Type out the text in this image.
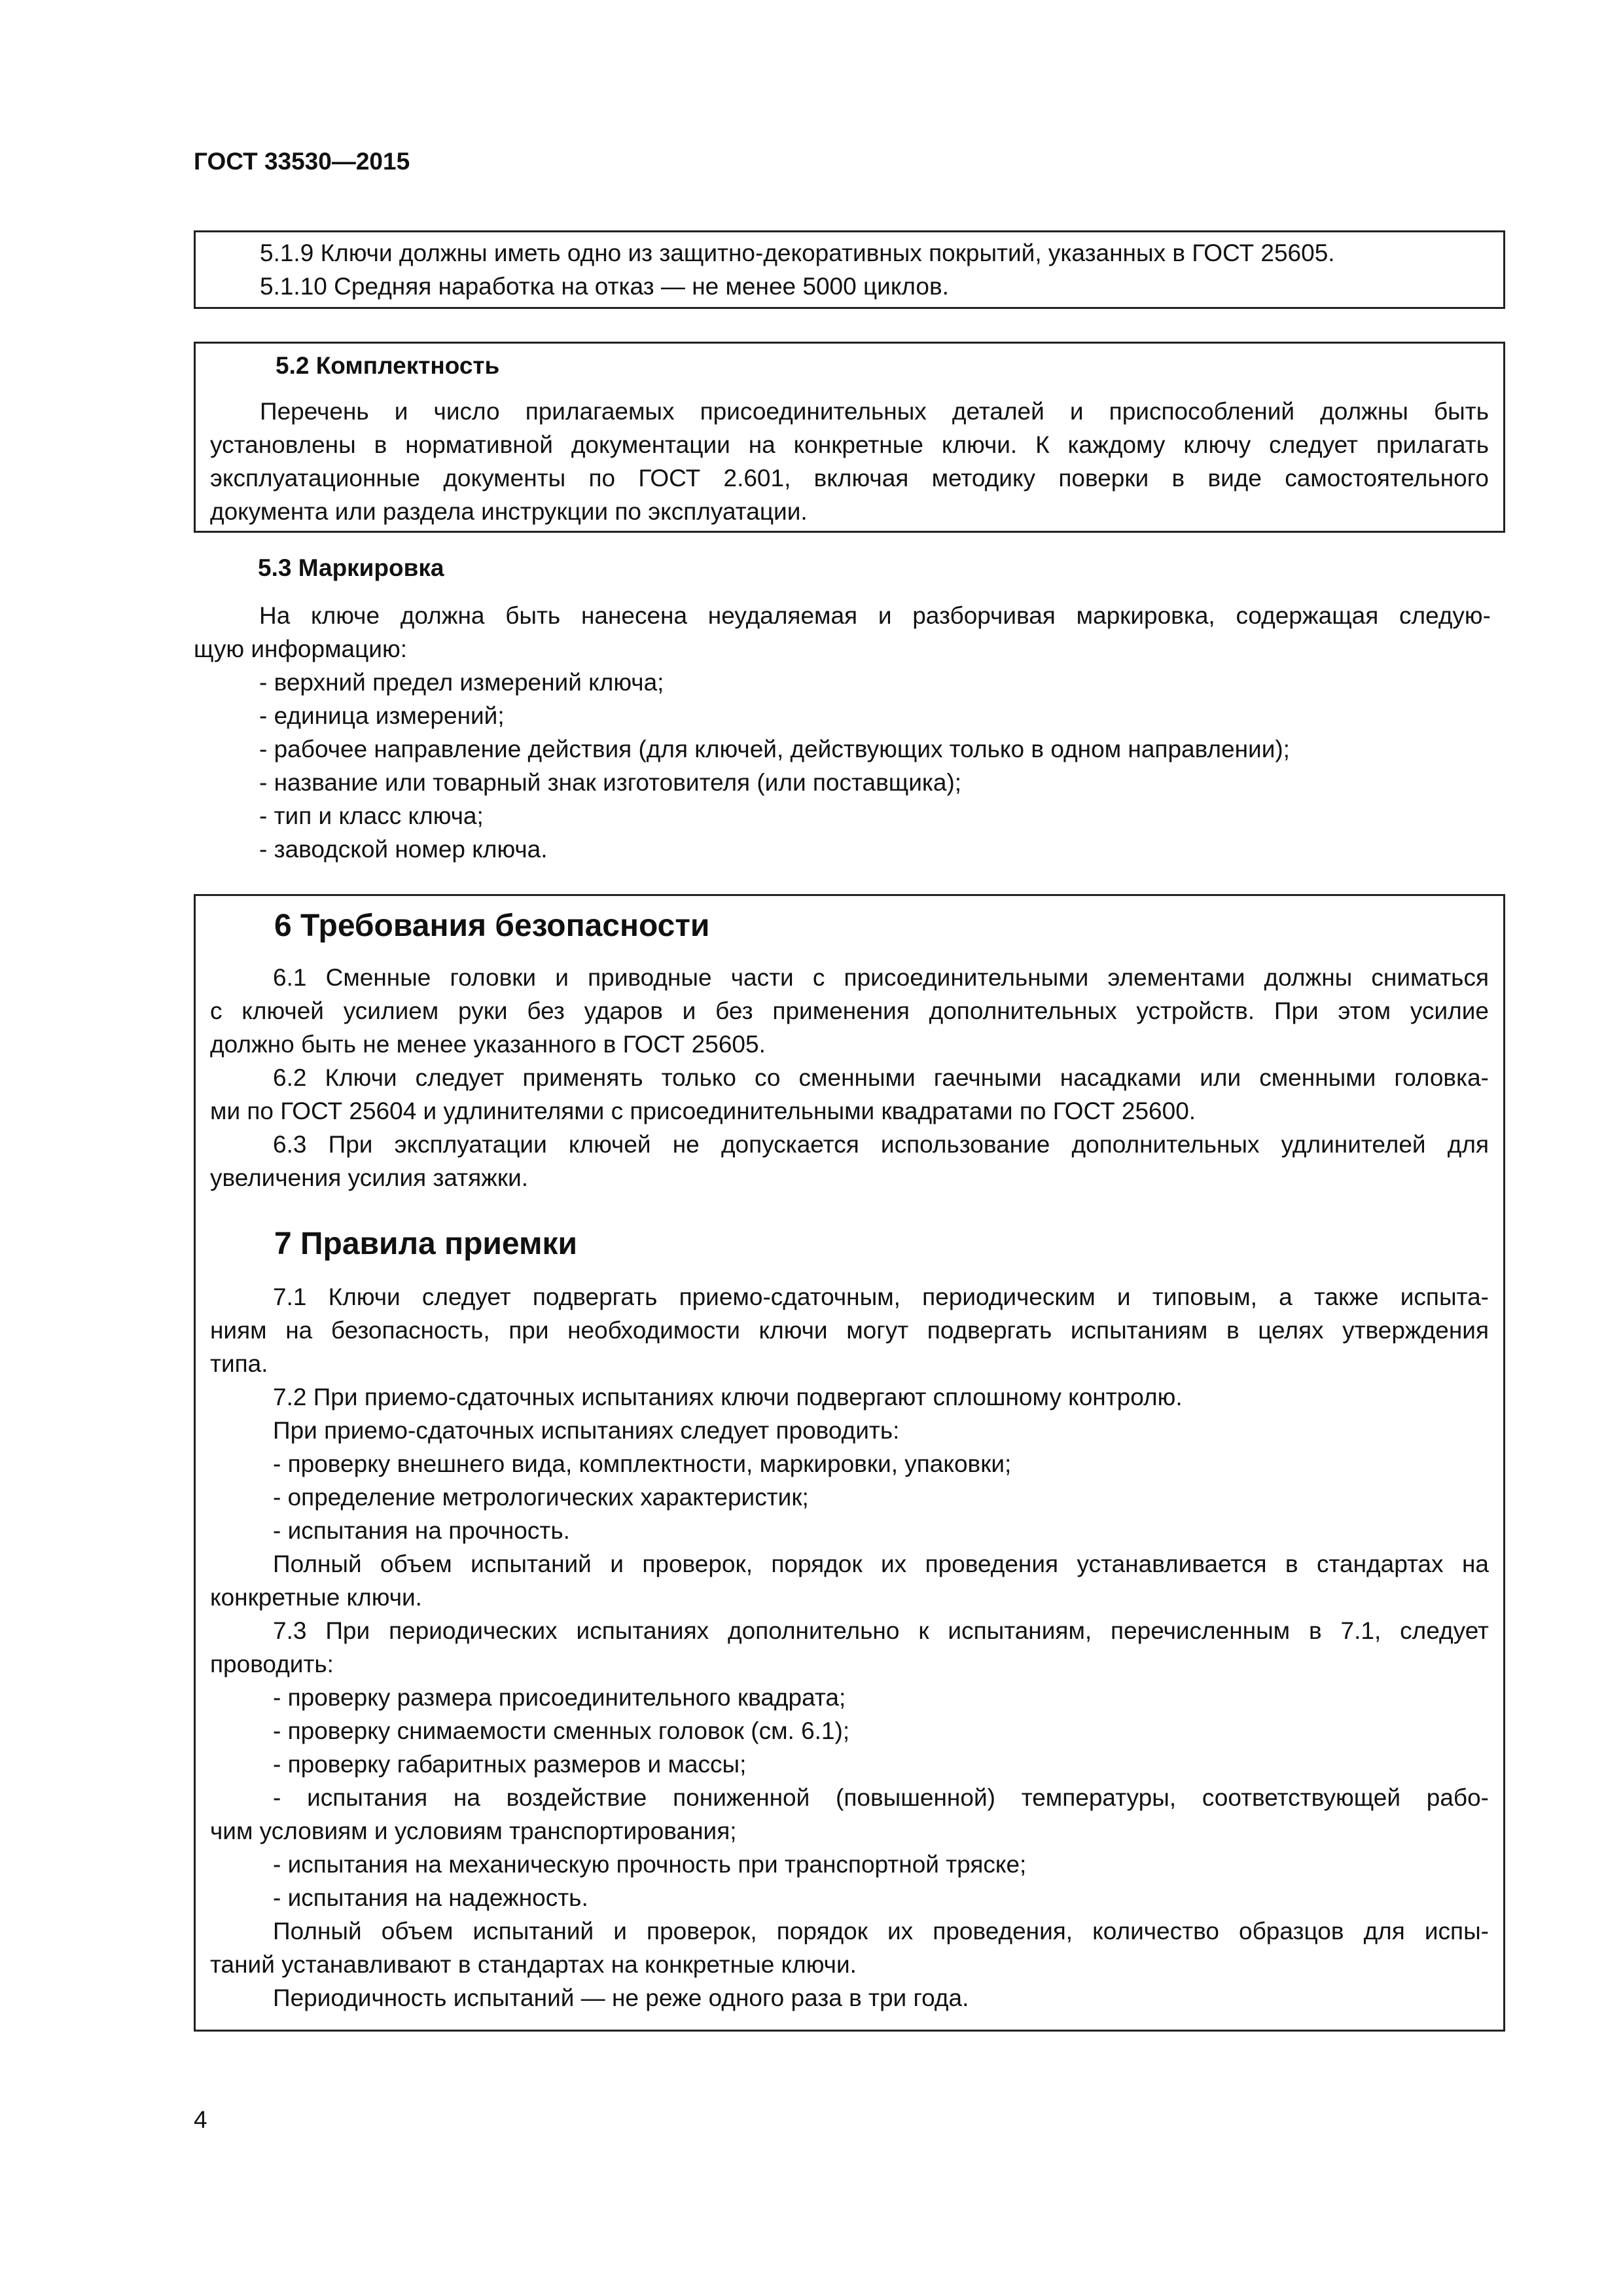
ГОСТ 33530—2015
5.1.9 Ключи должны иметь одно из защитно-декоративных покрытий, указанных в ГОСТ 25605.
5.1.10 Средняя наработка на отказ — не менее 5000 циклов.
5.2 Комплектность
Перечень и число прилагаемых присоединительных деталей и приспособлений должны быть
установлены в нормативной документации на конкретные ключи. К каждому ключу следует прилагать
эксплуатационные документы по ГОСТ 2.601, включая методику поверки в виде самостоятельного
документа или раздела инструкции по эксплуатации.
5.3 Маркировка
На ключе должна быть нанесена неудаляемая и разборчивая маркировка, содержащая следую-
щую информацию:
- верхний предел измерений ключа;
- единица измерений;
- рабочее направление действия (для ключей, действующих только в одном направлении);
- название или товарный знак изготовителя (или поставщика);
- тип и класс ключа;
- заводской номер ключа.
6 Требования безопасности
6.1 Сменные головки и приводные части с присоединительными элементами должны сниматься
с ключей усилием руки без ударов и без применения дополнительных устройств. При этом усилие
должно быть не менее указанного в ГОСТ 25605.
6.2 Ключи следует применять только со сменными гаечными насадками или сменными головка-
ми по ГОСТ 25604 и удлинителями с присоединительными квадратами по ГОСТ 25600.
6.3 При эксплуатации ключей не допускается использование дополнительных удлинителей для
увеличения усилия затяжки.
7 Правила приемки
7.1 Ключи следует подвергать приемо-сдаточным, периодическим и типовым, а также испыта-
ниям на безопасность, при необходимости ключи могут подвергать испытаниям в целях утверждения
типа.
7.2 При приемо-сдаточных испытаниях ключи подвергают сплошному контролю.
При приемо-сдаточных испытаниях следует проводить:
- проверку внешнего вида, комплектности, маркировки, упаковки;
- определение метрологических характеристик;
- испытания на прочность.
Полный объем испытаний и проверок, порядок их проведения устанавливается в стандартах на
конкретные ключи.
7.3 При периодических испытаниях дополнительно к испытаниям, перечисленным в 7.1, следует
проводить:
- проверку размера присоединительного квадрата;
- проверку снимаемости сменных головок (см. 6.1);
- проверку габаритных размеров и массы;
- испытания на воздействие пониженной (повышенной) температуры, соответствующей рабо-
чим условиям и условиям транспортирования;
- испытания на механическую прочность при транспортной тряске;
- испытания на надежность.
Полный объем испытаний и проверок, порядок их проведения, количество образцов для испы-
таний устанавливают в стандартах на конкретные ключи.
Периодичность испытаний — не реже одного раза в три года.
4
